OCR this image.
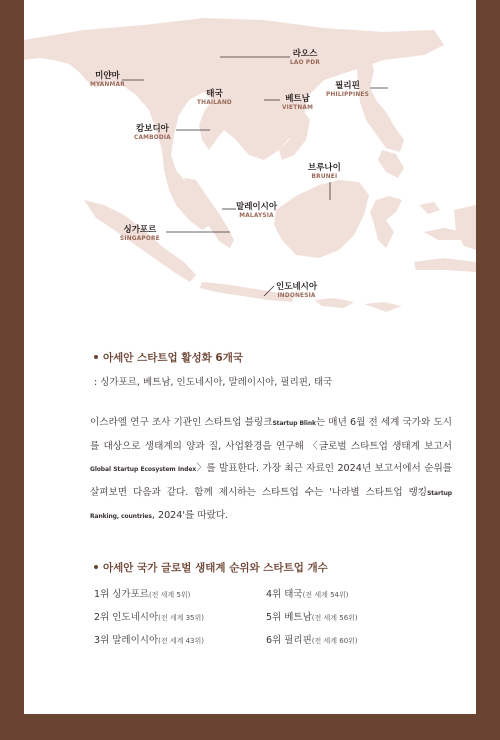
미얀마
MYANMAR
라오스
LAO PDR
태국
THAILAND	베트남
VIETNAM
필리핀
PHILIPPINES
캄보디아
CAMBODIA
브루나이
BRUNEI
말레이시아
MALAYSIA
싱가포르
SINGAPORE
인도네시아
INDONESIA
아세안 스타트업 활성화 6개국
: 싱가포르, 베트남, 인도네시아, 말레이시아, 필리핀, 태국
이스라엘 연구 조사 기관인 스타트업 블링크Startup Blink는 매년 6월 전 세계 국가와 도시를 대상으로 생태계의 양과 질, 사업환경을 연구해 〈글로벌 스타트업 생태계 보고서Global Startup Ecosystem Index〉를 발표한다. 가장 최근 자료인 2024년 보고서에서 순위를 살펴보면 다음과 같다. 함께 제시하는 스타트업 수는 '나라별 스타트업 랭킹Startup Ranking, countries, 2024'를 따랐다.
아세안 국가 글로벌 생태계 순위와 스타트업 개수
1위 싱가포르(전 세계 5위)
2위 인도네시아(전 세계 35위)
3위 말레이시아(전 세계 43위)
4위 태국(전 세계 54위)
5위 베트남(전 세계 56위)
6위 필리핀(전 세계 60위)
